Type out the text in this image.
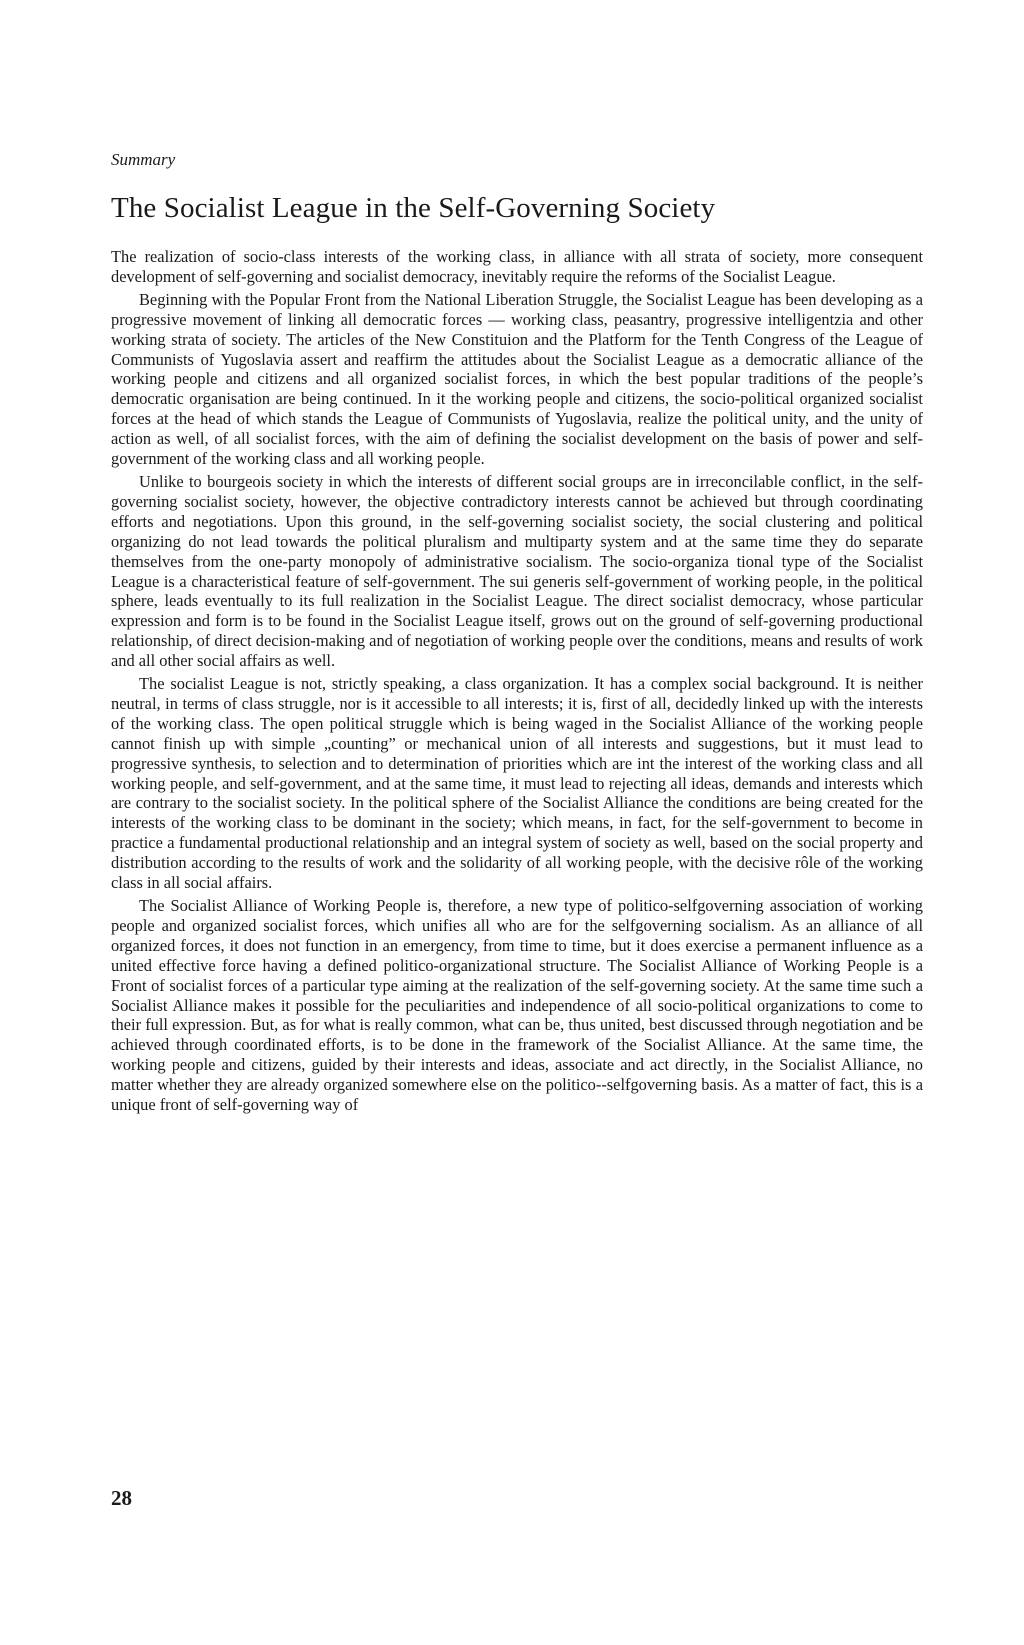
Summary

The Socialist League in the Self-Governing Society

The realization of socio-class interests of the working class, in alliance with all strata of society, more consequent development of self-governing and socialist democracy, inevitably require the reforms of the Socialist League.

Beginning with the Popular Front from the National Liberation Struggle, the Socialist League has been developing as a progressive movement of linking all democratic forces — working class, peasantry, progressive intelligentzia and other working strata of society. The articles of the New Constituion and the Platform for the Tenth Congress of the League of Communists of Yugoslavia assert and reaffirm the attitudes about the Socialist League as a democratic alliance of the working people and citizens and all organized socialist forces, in which the best popular traditions of the people’s democratic organisation are being continued. In it the working people and citizens, the socio-political organized socialist forces at the head of which stands the League of Communists of Yugoslavia, realize the political unity, and the unity of action as well, of all socialist forces, with the aim of defining the socialist development on the basis of power and self-government of the working class and all working people.

Unlike to bourgeois society in which the interests of different social groups are in irreconcilable conflict, in the self-governing socialist society, however, the objective contradictory interests cannot be achieved but through coordinating efforts and negotiations. Upon this ground, in the self-governing socialist society, the social clustering and political organizing do not lead towards the political pluralism and multiparty system and at the same time they do separate themselves from the one-party monopoly of administrative socialism. The socio-organiza tional type of the Socialist League is a characteristical feature of self-government. The sui generis self-government of working people, in the political sphere, leads eventually to its full realization in the Socialist League. The direct socialist democracy, whose particular expression and form is to be found in the Socialist League itself, grows out on the ground of self-governing productional relationship, of direct decision-making and of negotiation of working people over the conditions, means and results of work and all other social affairs as well.

The socialist League is not, strictly speaking, a class organization. It has a complex social background. It is neither neutral, in terms of class struggle, nor is it accessible to all interests; it is, first of all, decidedly linked up with the interests of the working class. The open political struggle which is being waged in the Socialist Alliance of the working people cannot finish up with simple „counting” or mechanical union of all interests and suggestions, but it must lead to progressive synthesis, to selection and to determination of priorities which are int the interest of the working class and all working people, and self-government, and at the same time, it must lead to rejecting all ideas, demands and interests which are contrary to the socialist society. In the political sphere of the Socialist Alliance the conditions are being created for the interests of the working class to be dominant in the society; which means, in fact, for the self-government to become in practice a fundamental productional relationship and an integral system of society as well, based on the social property and distribution according to the results of work and the solidarity of all working people, with the decisive rôle of the working class in all social affairs.

The Socialist Alliance of Working People is, therefore, a new type of politico-selfgoverning association of working people and organized socialist forces, which unifies all who are for the selfgoverning socialism. As an alliance of all organized forces, it does not function in an emergency, from time to time, but it does exercise a permanent influence as a united effective force having a defined politico-organizational structure. The Socialist Alliance of Working People is a Front of socialist forces of a particular type aiming at the realization of the self-governing society. At the same time such a Socialist Alliance makes it possible for the peculiarities and independence of all socio-political organizations to come to their full expression. But, as for what is really common, what can be, thus united, best discussed through negotiation and be achieved through coordinated efforts, is to be done in the framework of the Socialist Alliance. At the same time, the working people and citizens, guided by their interests and ideas, associate and act directly, in the Socialist Alliance, no matter whether they are already organized somewhere else on the politico--selfgoverning basis. As a matter of fact, this is a unique front of self-governing way of

28
